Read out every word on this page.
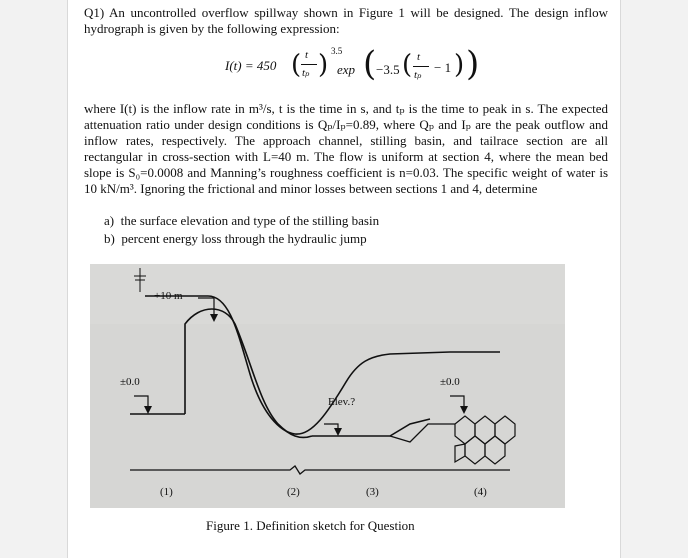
Q1) An uncontrolled overflow spillway shown in Figure 1 will be designed. The design inflow hydrograph is given by the following expression:
I(t) = 450 ( t
tₚ ) 3.5
exp ( −3.5 ( t
tₚ − 1 ) )
where I(t) is the inflow rate in m³/s, t is the time in s, and tₚ is the time to peak in s. The expected attenuation ratio under design conditions is Qₚ/Iₚ=0.89, where Qₚ and Iₚ are the peak outflow and inflow rates, respectively. The approach channel, stilling basin, and tailrace section are all rectangular in cross-section with L=40 m. The flow is uniform at section 4, where the mean bed slope is S₀=0.0008 and Manning’s roughness coefficient is n=0.03. The specific weight of water is 10 kN/m³. Ignoring the frictional and minor losses between sections 1 and 4, determine
a) the surface elevation and type of the stilling basin
b) percent energy loss through the hydraulic jump
+10 m
±0.0	±0.0
Elev.?
(1)	(2)	(3)	(4)
Figure 1. Definition sketch for Question
